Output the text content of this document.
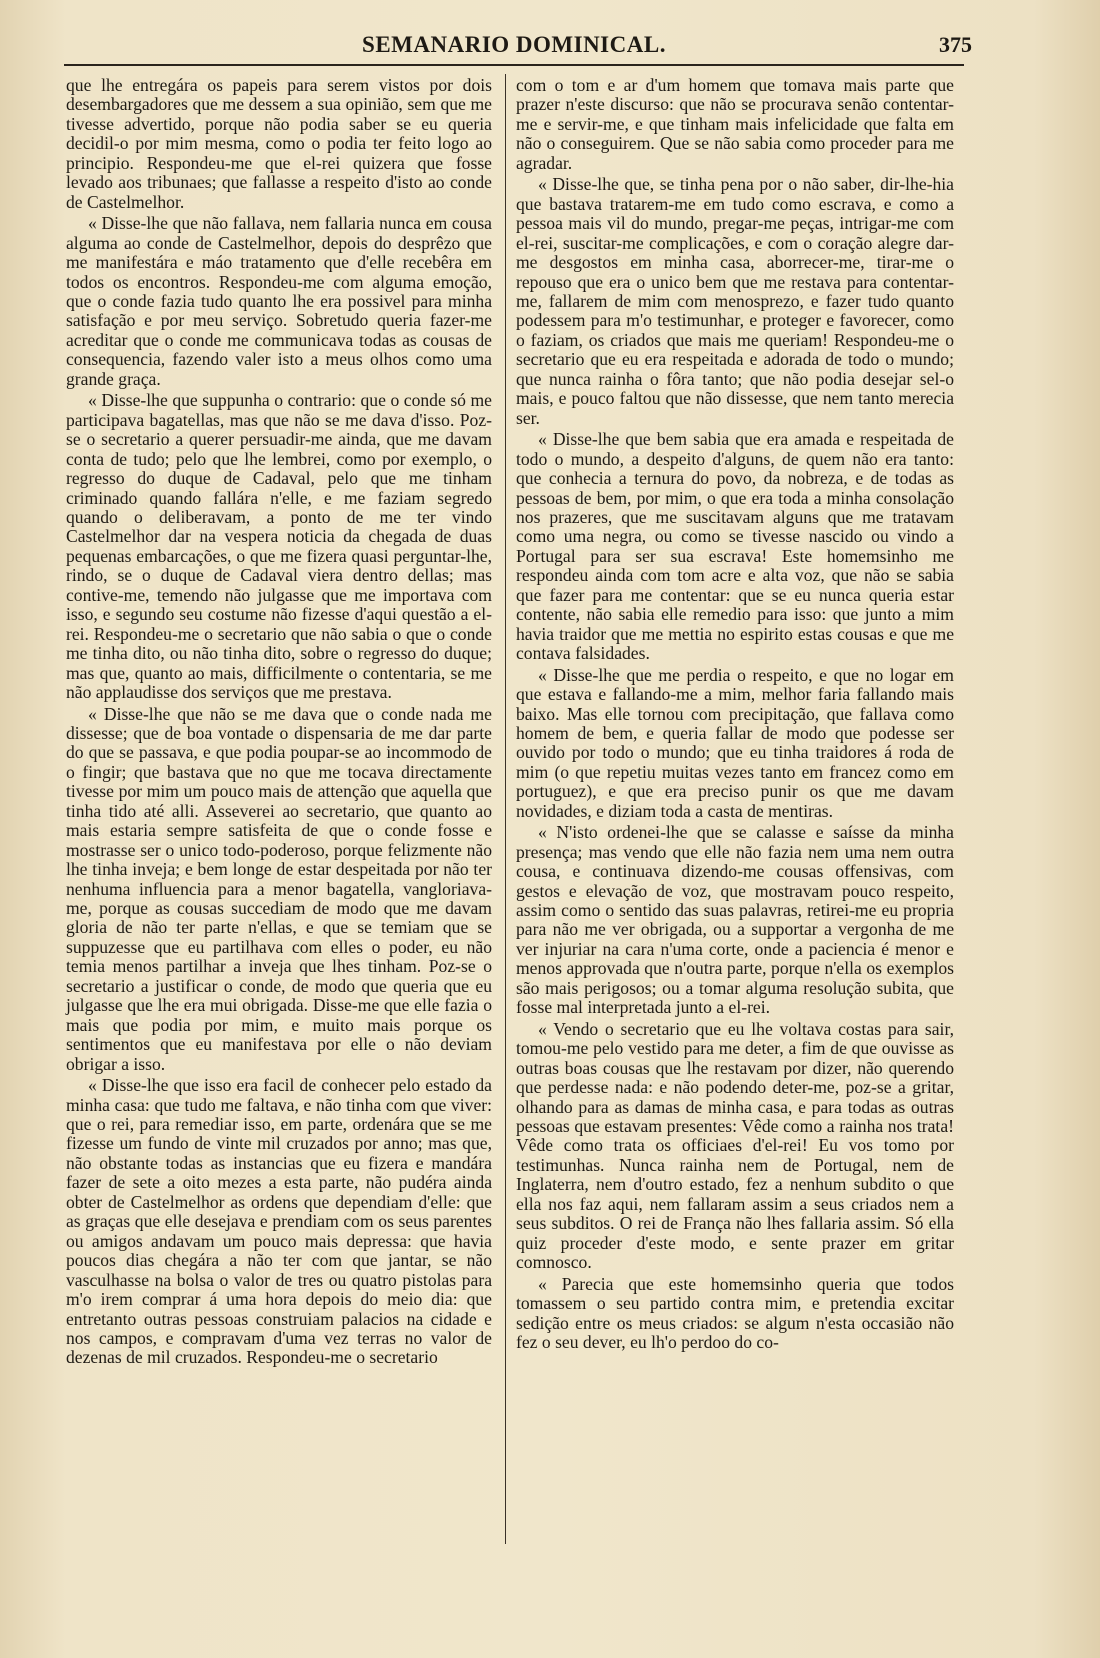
SEMANARIO DOMINICAL.	375

que lhe entregára os papeis para serem vistos por dois desembargadores que me dessem a sua opinião, sem que me tivesse advertido, porque não podia saber se eu queria decidil-o por mim mesma, como o podia ter feito logo ao principio. Respondeu-me que el-rei quizera que fosse levado aos tribunaes; que fallasse a respeito d'isto ao conde de Castelmelhor.

« Disse-lhe que não fallava, nem fallaria nunca em cousa alguma ao conde de Castelmelhor, depois do desprêzo que me manifestára e máo tratamento que d'elle recebêra em todos os encontros. Respondeu-me com alguma emoção, que o conde fazia tudo quanto lhe era possivel para minha satisfação e por meu serviço. Sobretudo queria fazer-me acreditar que o conde me communicava todas as cousas de consequencia, fazendo valer isto a meus olhos como uma grande graça.

« Disse-lhe que suppunha o contrario: que o conde só me participava bagatellas, mas que não se me dava d'isso. Poz-se o secretario a querer persuadir-me ainda, que me davam conta de tudo; pelo que lhe lembrei, como por exemplo, o regresso do duque de Cadaval, pelo que me tinham criminado quando fallára n'elle, e me faziam segredo quando o deliberavam, a ponto de me ter vindo Castelmelhor dar na vespera noticia da chegada de duas pequenas embarcações, o que me fizera quasi perguntar-lhe, rindo, se o duque de Cadaval viera dentro dellas; mas contive-me, temendo não julgasse que me importava com isso, e segundo seu costume não fizesse d'aqui questão a el-rei. Respondeu-me o secretario que não sabia o que o conde me tinha dito, ou não tinha dito, sobre o regresso do duque; mas que, quanto ao mais, difficilmente o contentaria, se me não applaudisse dos serviços que me prestava.

« Disse-lhe que não se me dava que o conde nada me dissesse; que de boa vontade o dispensaria de me dar parte do que se passava, e que podia poupar-se ao incommodo de o fingir; que bastava que no que me tocava directamente tivesse por mim um pouco mais de attenção que aquella que tinha tido até alli. Asseverei ao secretario, que quanto ao mais estaria sempre satisfeita de que o conde fosse e mostrasse ser o unico todo-poderoso, porque felizmente não lhe tinha inveja; e bem longe de estar despeitada por não ter nenhuma influencia para a menor bagatella, vangloriava-me, porque as cousas succediam de modo que me davam gloria de não ter parte n'ellas, e que se temiam que se suppuzesse que eu partilhava com elles o poder, eu não temia menos partilhar a inveja que lhes tinham. Poz-se o secretario a justificar o conde, de modo que queria que eu julgasse que lhe era mui obrigada. Disse-me que elle fazia o mais que podia por mim, e muito mais porque os sentimentos que eu manifestava por elle o não deviam obrigar a isso.

« Disse-lhe que isso era facil de conhecer pelo estado da minha casa: que tudo me faltava, e não tinha com que viver: que o rei, para remediar isso, em parte, ordenára que se me fizesse um fundo de vinte mil cruzados por anno; mas que, não obstante todas as instancias que eu fizera e mandára fazer de sete a oito mezes a esta parte, não pudéra ainda obter de Castelmelhor as ordens que dependiam d'elle: que as graças que elle desejava e prendiam com os seus parentes ou amigos andavam um pouco mais depressa: que havia poucos dias chegára a não ter com que jantar, se não vasculhasse na bolsa o valor de tres ou quatro pistolas para m'o irem comprar á uma hora depois do meio dia: que entretanto outras pessoas construiam palacios na cidade e nos campos, e compravam d'uma vez terras no valor de dezenas de mil cruzados. Respondeu-me o secretario

com o tom e ar d'um homem que tomava mais parte que prazer n'este discurso: que não se procurava senão contentar-me e servir-me, e que tinham mais infelicidade que falta em não o conseguirem. Que se não sabia como proceder para me agradar.

« Disse-lhe que, se tinha pena por o não saber, dir-lhe-hia que bastava tratarem-me em tudo como escrava, e como a pessoa mais vil do mundo, pregar-me peças, intrigar-me com el-rei, suscitar-me complicações, e com o coração alegre dar-me desgostos em minha casa, aborrecer-me, tirar-me o repouso que era o unico bem que me restava para contentar-me, fallarem de mim com menosprezo, e fazer tudo quanto podessem para m'o testimunhar, e proteger e favorecer, como o faziam, os criados que mais me queriam! Respondeu-me o secretario que eu era respeitada e adorada de todo o mundo; que nunca rainha o fôra tanto; que não podia desejar sel-o mais, e pouco faltou que não dissesse, que nem tanto merecia ser.

« Disse-lhe que bem sabia que era amada e respeitada de todo o mundo, a despeito d'alguns, de quem não era tanto: que conhecia a ternura do povo, da nobreza, e de todas as pessoas de bem, por mim, o que era toda a minha consolação nos prazeres, que me suscitavam alguns que me tratavam como uma negra, ou como se tivesse nascido ou vindo a Portugal para ser sua escrava! Este homemsinho me respondeu ainda com tom acre e alta voz, que não se sabia que fazer para me contentar: que se eu nunca queria estar contente, não sabia elle remedio para isso: que junto a mim havia traidor que me mettia no espirito estas cousas e que me contava falsidades.

« Disse-lhe que me perdia o respeito, e que no logar em que estava e fallando-me a mim, melhor faria fallando mais baixo. Mas elle tornou com precipitação, que fallava como homem de bem, e queria fallar de modo que podesse ser ouvido por todo o mundo; que eu tinha traidores á roda de mim (o que repetiu muitas vezes tanto em francez como em portuguez), e que era preciso punir os que me davam novidades, e diziam toda a casta de mentiras.

« N'isto ordenei-lhe que se calasse e saísse da minha presença; mas vendo que elle não fazia nem uma nem outra cousa, e continuava dizendo-me cousas offensivas, com gestos e elevação de voz, que mostravam pouco respeito, assim como o sentido das suas palavras, retirei-me eu propria para não me ver obrigada, ou a supportar a vergonha de me ver injuriar na cara n'uma corte, onde a paciencia é menor e menos approvada que n'outra parte, porque n'ella os exemplos são mais perigosos; ou a tomar alguma resolução subita, que fosse mal interpretada junto a el-rei.

« Vendo o secretario que eu lhe voltava costas para sair, tomou-me pelo vestido para me deter, a fim de que ouvisse as outras boas cousas que lhe restavam por dizer, não querendo que perdesse nada: e não podendo deter-me, poz-se a gritar, olhando para as damas de minha casa, e para todas as outras pessoas que estavam presentes: Vêde como a rainha nos trata! Vêde como trata os officiaes d'el-rei! Eu vos tomo por testimunhas. Nunca rainha nem de Portugal, nem de Inglaterra, nem d'outro estado, fez a nenhum subdito o que ella nos faz aqui, nem fallaram assim a seus criados nem a seus subditos. O rei de França não lhes fallaria assim. Só ella quiz proceder d'este modo, e sente prazer em gritar comnosco.

« Parecia que este homemsinho queria que todos tomassem o seu partido contra mim, e pretendia excitar sedição entre os meus criados: se algum n'esta occasião não fez o seu dever, eu lh'o perdoo do co-
